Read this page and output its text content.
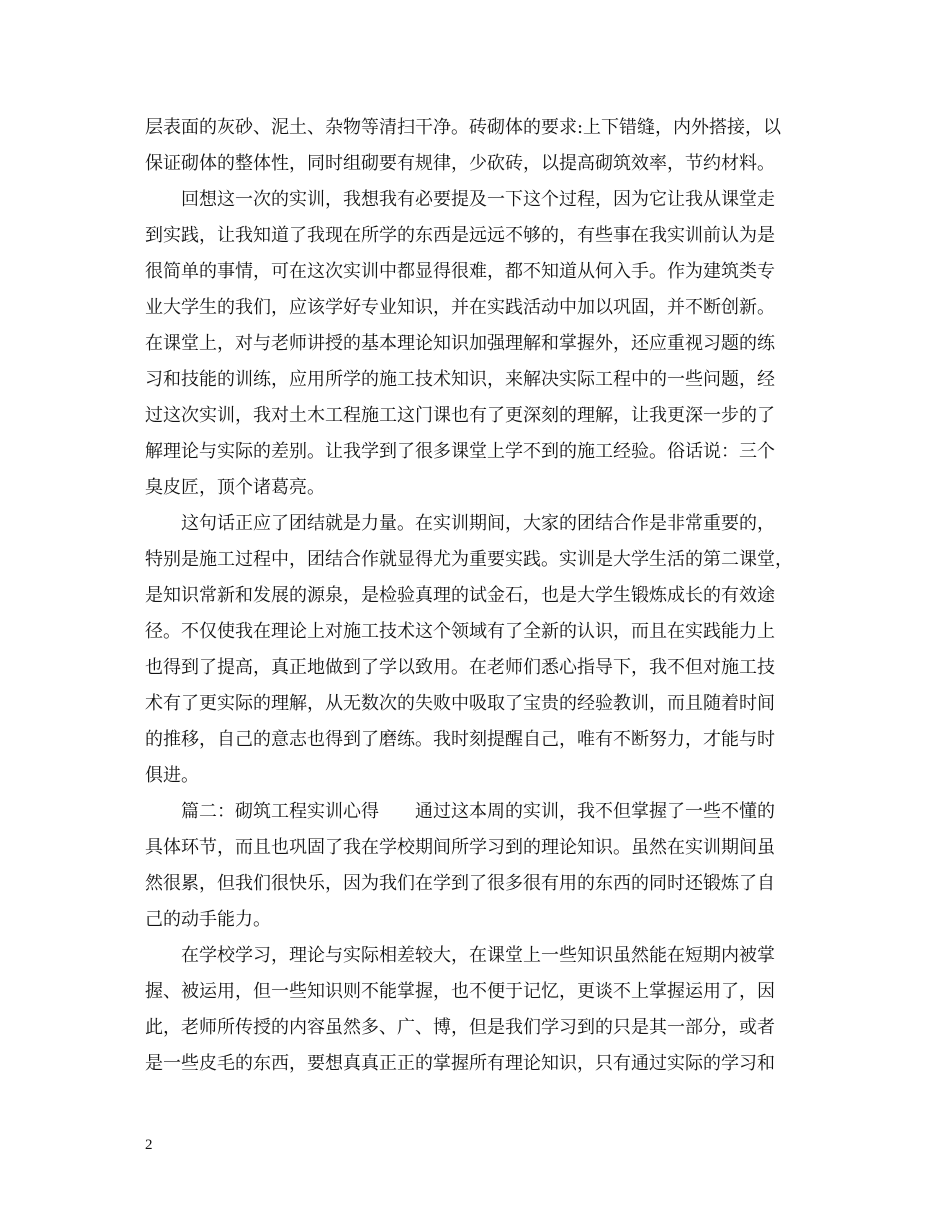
层表面的灰砂、泥土、杂物等清扫干净。砖砌体的要求:上下错缝，内外搭接，以
保证砌体的整体性，同时组砌要有规律，少砍砖，以提高砌筑效率，节约材料。
回想这一次的实训，我想我有必要提及一下这个过程，因为它让我从课堂走
到实践，让我知道了我现在所学的东西是远远不够的，有些事在我实训前认为是
很简单的事情，可在这次实训中都显得很难，都不知道从何入手。作为建筑类专
业大学生的我们，应该学好专业知识，并在实践活动中加以巩固，并不断创新。
在课堂上，对与老师讲授的基本理论知识加强理解和掌握外，还应重视习题的练
习和技能的训练，应用所学的施工技术知识，来解决实际工程中的一些问题，经
过这次实训，我对土木工程施工这门课也有了更深刻的理解，让我更深一步的了
解理论与实际的差别。让我学到了很多课堂上学不到的施工经验。俗话说：三个
臭皮匠，顶个诸葛亮。
这句话正应了团结就是力量。在实训期间，大家的团结合作是非常重要的，
特别是施工过程中，团结合作就显得尤为重要实践。实训是大学生活的第二课堂，
是知识常新和发展的源泉，是检验真理的试金石，也是大学生锻炼成长的有效途
径。不仅使我在理论上对施工技术这个领域有了全新的认识，而且在实践能力上
也得到了提高，真正地做到了学以致用。在老师们悉心指导下，我不但对施工技
术有了更实际的理解，从无数次的失败中吸取了宝贵的经验教训，而且随着时间
的推移，自己的意志也得到了磨练。我时刻提醒自己，唯有不断努力，才能与时
俱进。
篇二：砌筑工程实训心得　　通过这本周的实训，我不但掌握了一些不懂的
具体环节，而且也巩固了我在学校期间所学习到的理论知识。虽然在实训期间虽
然很累，但我们很快乐，因为我们在学到了很多很有用的东西的同时还锻炼了自
己的动手能力。
在学校学习，理论与实际相差较大，在课堂上一些知识虽然能在短期内被掌
握、被运用，但一些知识则不能掌握，也不便于记忆，更谈不上掌握运用了，因
此，老师所传授的内容虽然多、广、博，但是我们学习到的只是其一部分，或者
是一些皮毛的东西，要想真真正正的掌握所有理论知识，只有通过实际的学习和
2
